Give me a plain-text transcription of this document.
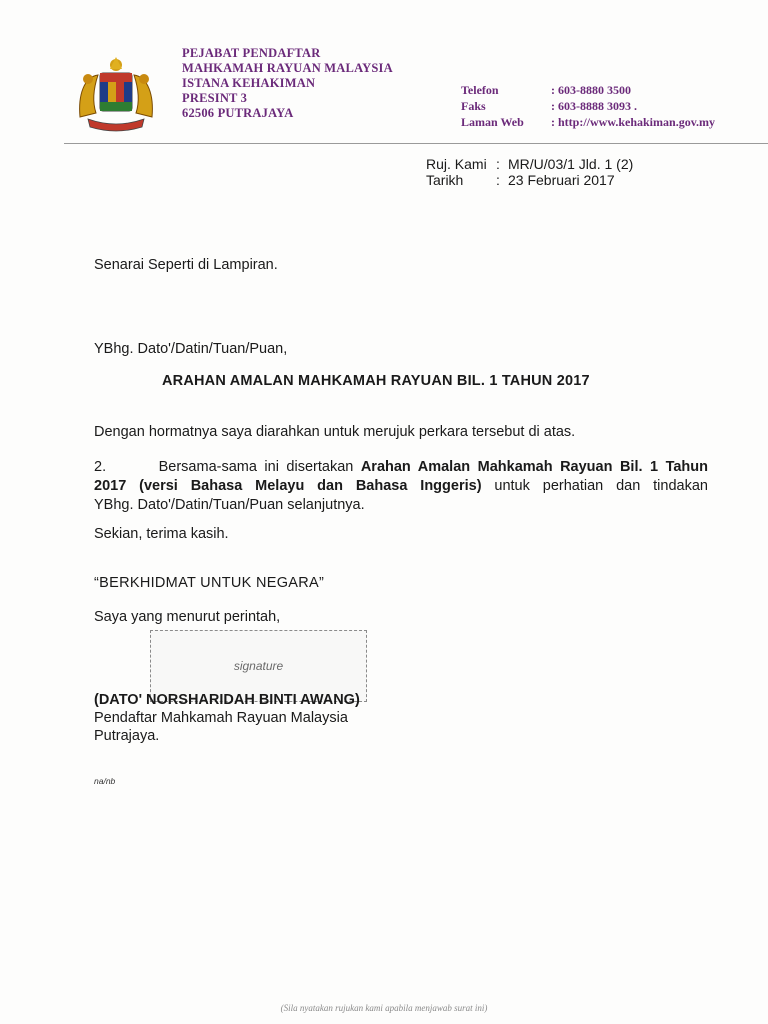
PEJABAT PENDAFTAR
MAHKAMAH RAYUAN MALAYSIA
ISTANA KEHAKIMAN
PRESINT 3
62506 PUTRAJAYA
Telefon	: 603-8880 3500
Faks	: 603-8888 3093 .
Laman Web	: http://www.kehakiman.gov.my
Ruj. Kami : MR/U/03/1 Jld. 1 (2)
Tarikh	: 23 Februari 2017
Senarai Seperti di Lampiran.
YBhg. Dato'/Datin/Tuan/Puan,
ARAHAN AMALAN MAHKAMAH RAYUAN BIL. 1 TAHUN 2017
Dengan hormatnya saya diarahkan untuk merujuk perkara tersebut di atas.
2.	Bersama-sama ini disertakan Arahan Amalan Mahkamah Rayuan Bil. 1 Tahun
2017 (versi Bahasa Melayu dan Bahasa Inggeris) untuk perhatian dan tindakan
YBhg. Dato'/Datin/Tuan/Puan selanjutnya.
Sekian, terima kasih.
“BERKHIDMAT UNTUK NEGARA”
Saya yang menurut perintah,
signature
(DATO' NORSHARIDAH BINTI AWANG)
Pendaftar Mahkamah Rayuan Malaysia
Putrajaya.
na/nb
(Sila nyatakan rujukan kami apabila menjawab surat ini)
